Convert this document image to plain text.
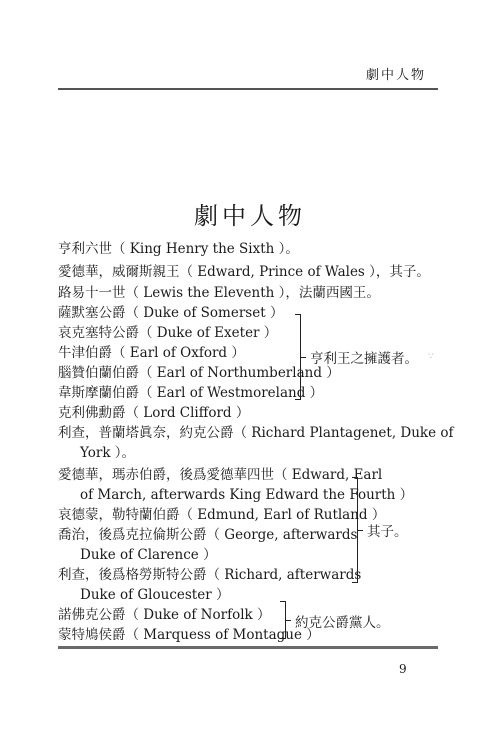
劇中人物
劇中人物
亨利六世（ King Henry the Sixth ）。
愛德華，威爾斯親王（ Edward, Prince of Wales ），其子。
路易十一世（ Lewis the Eleventh ），法蘭西國王。
薩默塞公爵（ Duke of Somerset ）
哀克塞特公爵（ Duke of Exeter ）
牛津伯爵（ Earl of Oxford ）
腦贊伯蘭伯爵（ Earl of Northumberland ）
韋斯摩蘭伯爵（ Earl of Westmoreland ）
克利佛勳爵（ Lord Clifford ）
利查，普蘭塔眞奈，約克公爵（ Richard Plantagenet, Duke of
York ）。
愛德華，瑪赤伯爵，後爲愛德華四世（ Edward, Earl
of March, afterwards King Edward the Fourth ）
哀德蒙，勒特蘭伯爵（ Edmund, Earl of Rutland ）
喬治，後爲克拉倫斯公爵（ George, afterwards
Duke of Clarence ）
利查，後爲格勞斯特公爵（ Richard, afterwards
Duke of Gloucester ）
諾佛克公爵（ Duke of Norfolk ）
蒙特鳩侯爵（ Marquess of Montague ）
亨利王之擁護者。
其子。
約克公爵黨人。
9
∵
